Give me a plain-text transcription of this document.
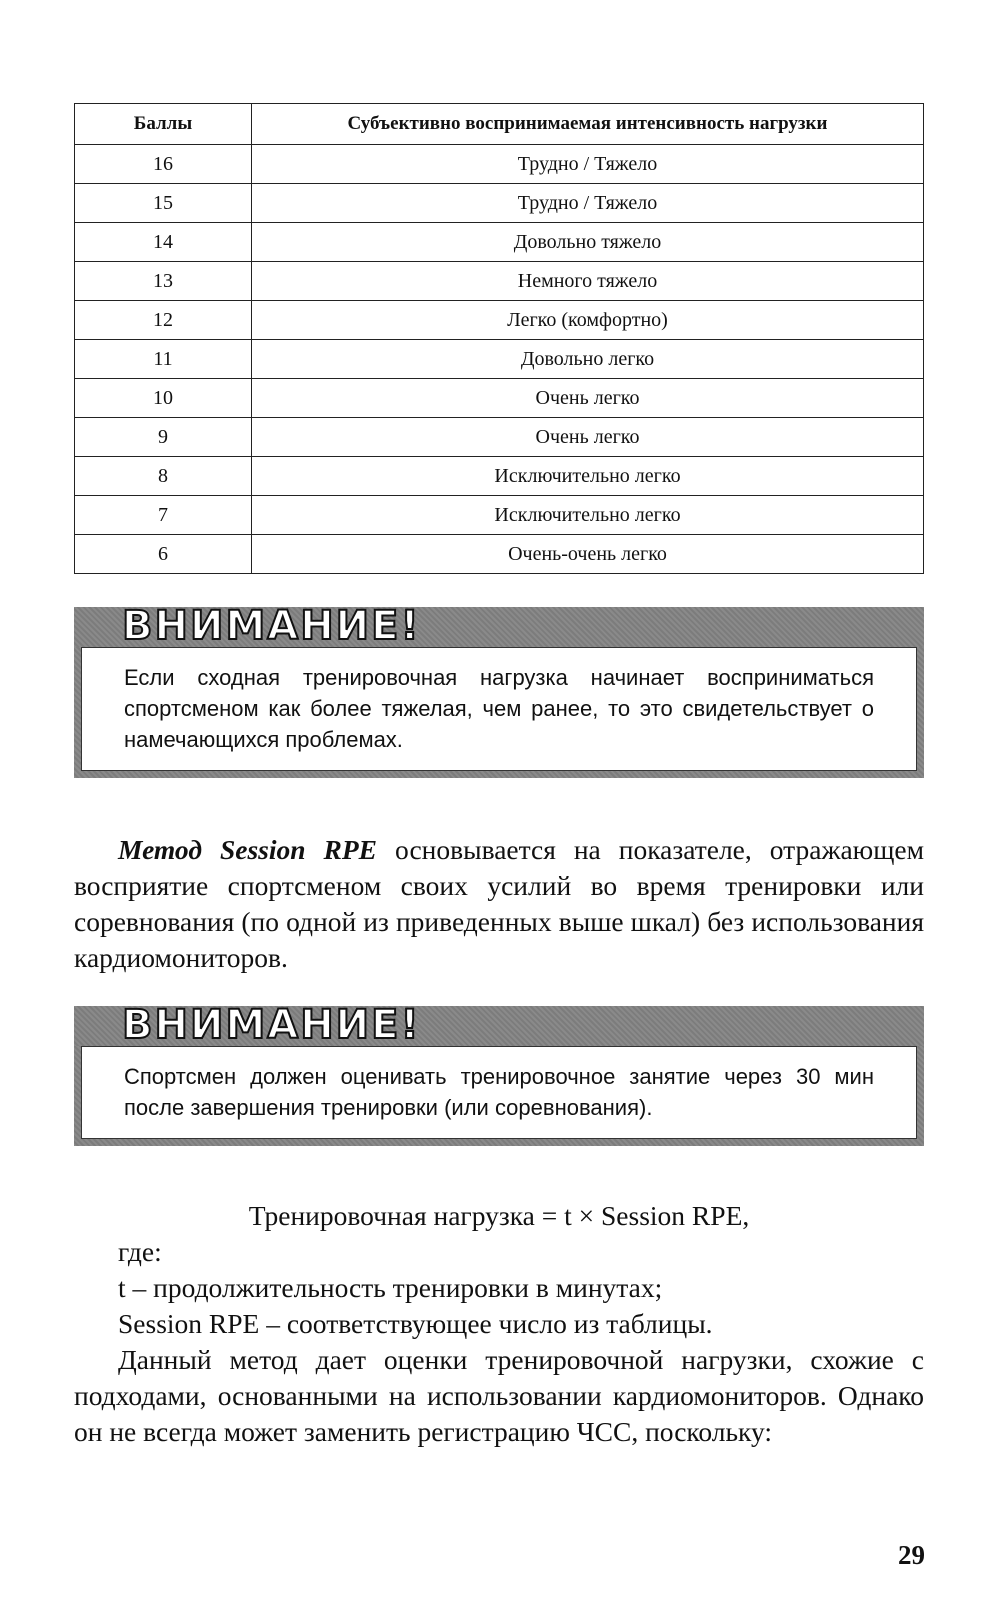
Баллы	Субъективно воспринимаемая интенсивность нагрузки
16	Трудно / Тяжело
15	Трудно / Тяжело
14	Довольно тяжело
13	Немного тяжело
12	Легко (комфортно)
11	Довольно легко
10	Очень легко
9	Очень легко
8	Исключительно легко
7	Исключительно легко
6	Очень-очень легко
ВНИМАНИЕ!

Если сходная тренировочная нагрузка начинает восприниматься спортсменом как более тяжелая, чем ранее, то это свидетельствует о намечающихся проблемах.

Метод Session RPE основывается на показателе, отражающем восприятие спортсменом своих усилий во время тренировки или соревнования (по одной из приведенных выше шкал) без использования кардиомониторов.

ВНИМАНИЕ!

Спортсмен должен оценивать тренировочное занятие через 30 мин после завершения тренировки (или соревнования).

Тренировочная нагрузка = t × Session RPE,

где:

t – продолжительность тренировки в минутах;

Session RPE – соответствующее число из таблицы.

Данный метод дает оценки тренировочной нагрузки, схожие с подходами, основанными на использовании кардиомониторов. Однако он не всегда может заменить регистрацию ЧСС, поскольку:

29
